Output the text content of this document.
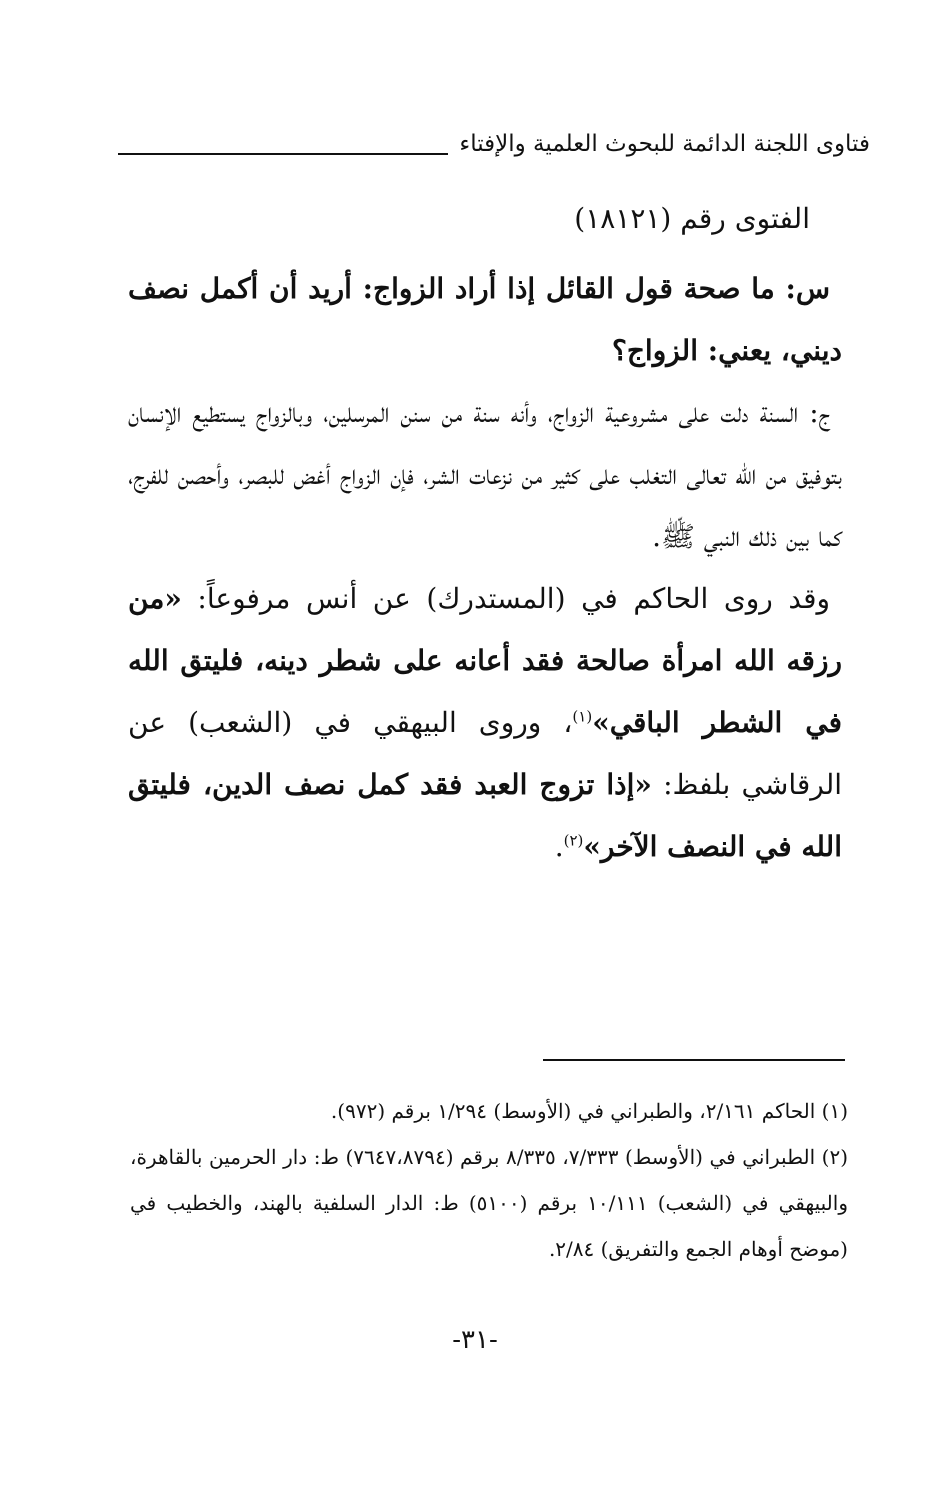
فتاوى اللجنة الدائمة للبحوث العلمية والإفتاء
الفتوى رقم (١٨١٢١)

س: ما صحة قول القائل إذا أراد الزواج: أريد أن أكمل نصف ديني، يعني: الزواج؟

ج: السنة دلت على مشروعية الزواج، وأنه سنة من سنن المرسلين، وبالزواج يستطيع الإنسان بتوفيق من الله تعالى التغلب على كثير من نزعات الشر، فإن الزواج أغض للبصر، وأحصن للفرج، كما بين ذلك النبي ﷺ.

وقد روى الحاكم في (المستدرك) عن أنس مرفوعاً: «من رزقه الله امرأة صالحة فقد أعانه على شطر دينه، فليتق الله في الشطر الباقي»$^{(١)}$، وروى البيهقي في (الشعب) عن الرقاشي بلفظ: «إذا تزوج العبد فقد كمل نصف الدين، فليتق الله في النصف الآخر»$^{(٢)}$.

(١) الحاكم ٢/١٦١، والطبراني في (الأوسط) ١/٢٩٤ برقم (٩٧٢).

(٢) الطبراني في (الأوسط) ٧/٣٣٣، ٨/٣٣٥ برقم (٧٦٤٧،٨٧٩٤) ط: دار الحرمين بالقاهرة، والبيهقي في (الشعب) ١٠/١١١ برقم (٥١٠٠) ط: الدار السلفية بالهند، والخطيب في (موضح أوهام الجمع والتفريق) ٢/٨٤.

-٣١-
